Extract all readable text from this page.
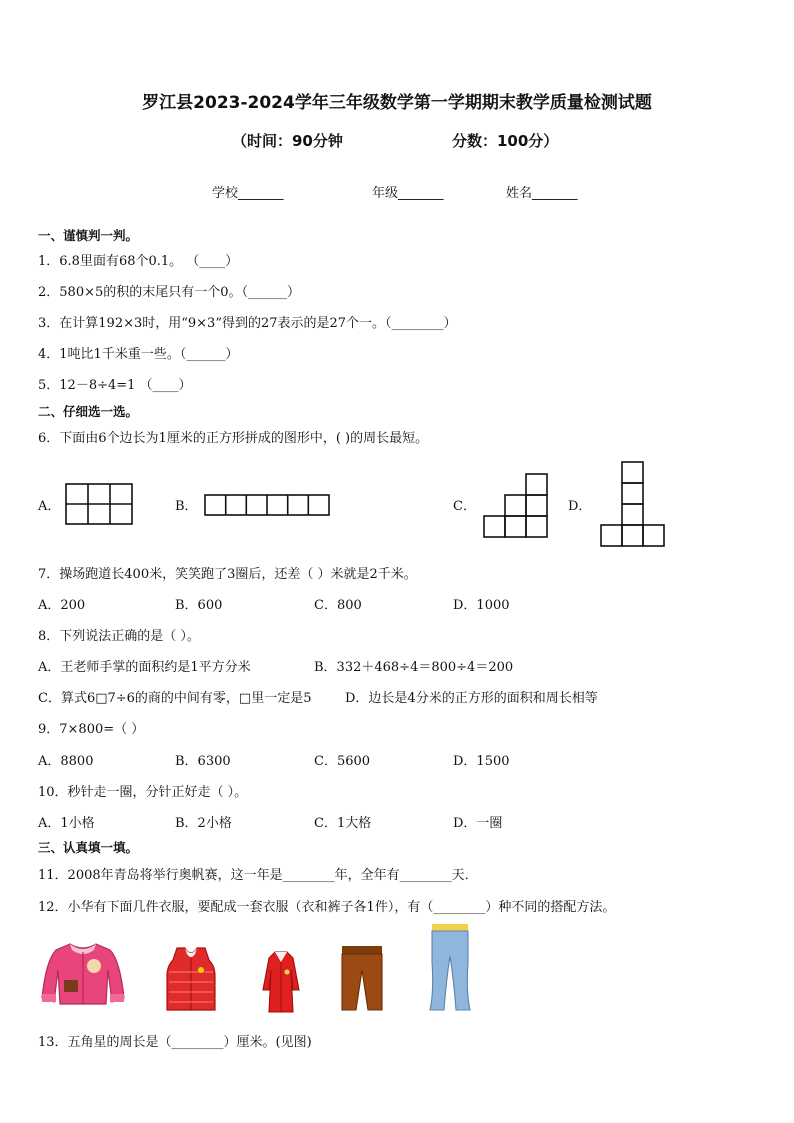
罗江县2023-2024学年三年级数学第一学期期末教学质量检测试题
（时间：90分钟	分数：100分）
学校_______	年级_______	姓名_______
一、谨慎判一判。
1．6.8里面有68个0.1。 （____）
2．580×5的积的末尾只有一个0。（______）
3．在计算192×3时，用“9×3”得到的27表示的是27个一。（________）
4．1吨比1千米重一些。（______）
5．12－8÷4=1 （____）
二、仔细选一选。
6．下面由6个边长为1厘米的正方形拼成的图形中，( )的周长最短。
A．	B．	C．	D．
7．操场跑道长400米，笑笑跑了3圈后，还差（ ）米就是2千米。
A．200	B．600	C．800	D．1000
8．下列说法正确的是（ ）。
A．王老师手掌的面积约是1平方分米	B．332＋468÷4＝800÷4＝200
C．算式6□7÷6的商的中间有零，□里一定是5	D．边长是4分米的正方形的面积和周长相等
9．7×800=（ ）
A．8800	B．6300	C．5600	D．1500
10．秒针走一圈，分针正好走（ ）。
A．1小格	B．2小格	C．1大格	D．一圈
三、认真填一填。
11．2008年青岛将举行奥帆赛，这一年是________年，全年有________天．
12．小华有下面几件衣服，要配成一套衣服（衣和裤子各1件），有（________）种不同的搭配方法。
13．五角星的周长是（________）厘米。(见图)
